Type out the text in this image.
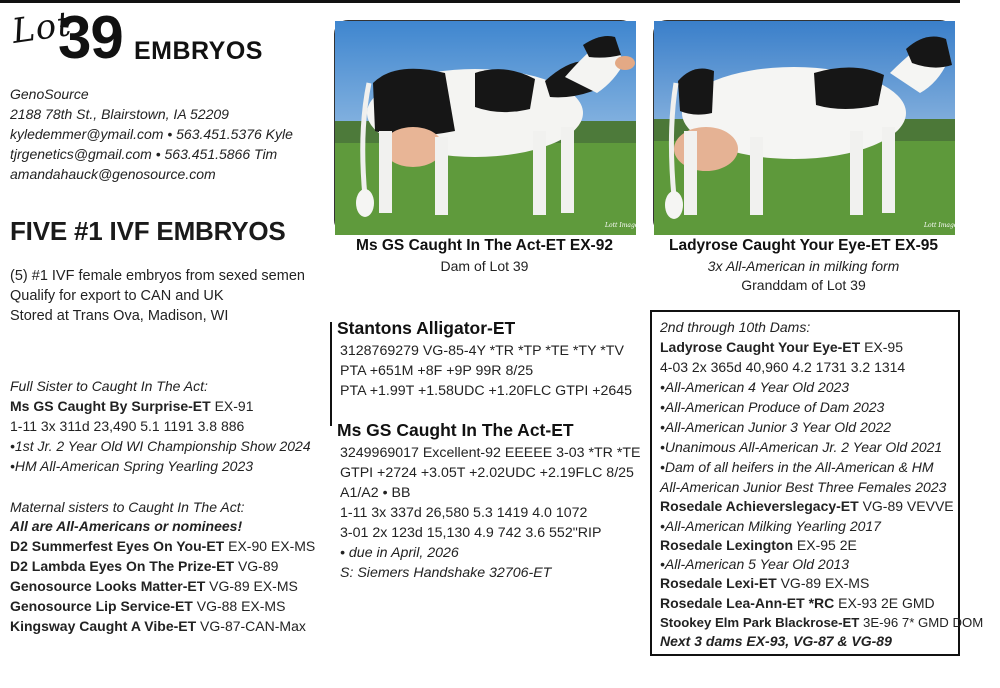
Lot
39 EMBRYOS
GenoSource
2188 78th St., Blairstown, IA 52209
kyledemmer@ymail.com • 563.451.5376 Kyle
tjrgenetics@gmail.com • 563.451.5866 Tim
amandahauck@genosource.com
FIVE #1 IVF EMBRYOS
(5) #1 IVF female embryos from sexed semen
Qualify for export to CAN and UK
Stored at Trans Ova, Madison, WI
Full Sister to Caught In The Act:
Ms GS Caught By Surprise-ET EX-91
1-11 3x 311d 23,490 5.1 1191 3.8 886
•1st Jr. 2 Year Old WI Championship Show 2024
•HM All-American Spring Yearling 2023
Maternal sisters to Caught In The Act:
All are All-Americans or nominees!
D2 Summerfest Eyes On You-ET EX-90 EX-MS
D2 Lambda Eyes On The Prize-ET VG-89
Genosource Looks Matter-ET VG-89 EX-MS
Genosource Lip Service-ET VG-88 EX-MS
Kingsway Caught A Vibe-ET VG-87-CAN-Max
Lott Images
Ms GS Caught In The Act-ET EX-92
Dam of Lot 39
Lott Images
Ladyrose Caught Your Eye-ET EX-95
3x All-American in milking form
Granddam of Lot 39
Stantons Alligator-ET
3128769279 VG-85-4Y *TR *TP *TE *TY *TV
PTA +651M +8F +9P 99R 8/25
PTA +1.99T +1.58UDC +1.20FLC GTPI +2645
Ms GS Caught In The Act-ET
3249969017 Excellent-92 EEEEE 3-03 *TR *TE
GTPI +2724 +3.05T +2.02UDC +2.19FLC 8/25
A1/A2 • BB
1-11 3x 337d 26,580 5.3 1419 4.0 1072
3-01 2x 123d 15,130 4.9 742 3.6 552"RIP
• due in April, 2026
S: Siemers Handshake 32706-ET
2nd through 10th Dams:
Ladyrose Caught Your Eye-ET EX-95
4-03 2x 365d 40,960 4.2 1731 3.2 1314
•All-American 4 Year Old 2023
•All-American Produce of Dam 2023
•All-American Junior 3 Year Old 2022
•Unanimous All-American Jr. 2 Year Old 2021
•Dam of all heifers in the All-American & HM
All-American Junior Best Three Females 2023
Rosedale Achieverslegacy-ET VG-89 VEVVE
•All-American Milking Yearling 2017
Rosedale Lexington EX-95 2E
•All-American 5 Year Old 2013
Rosedale Lexi-ET VG-89 EX-MS
Rosedale Lea-Ann-ET *RC EX-93 2E GMD
Stookey Elm Park Blackrose-ET 3E-96 7* GMD DOM
Next 3 dams EX-93, VG-87 & VG-89
